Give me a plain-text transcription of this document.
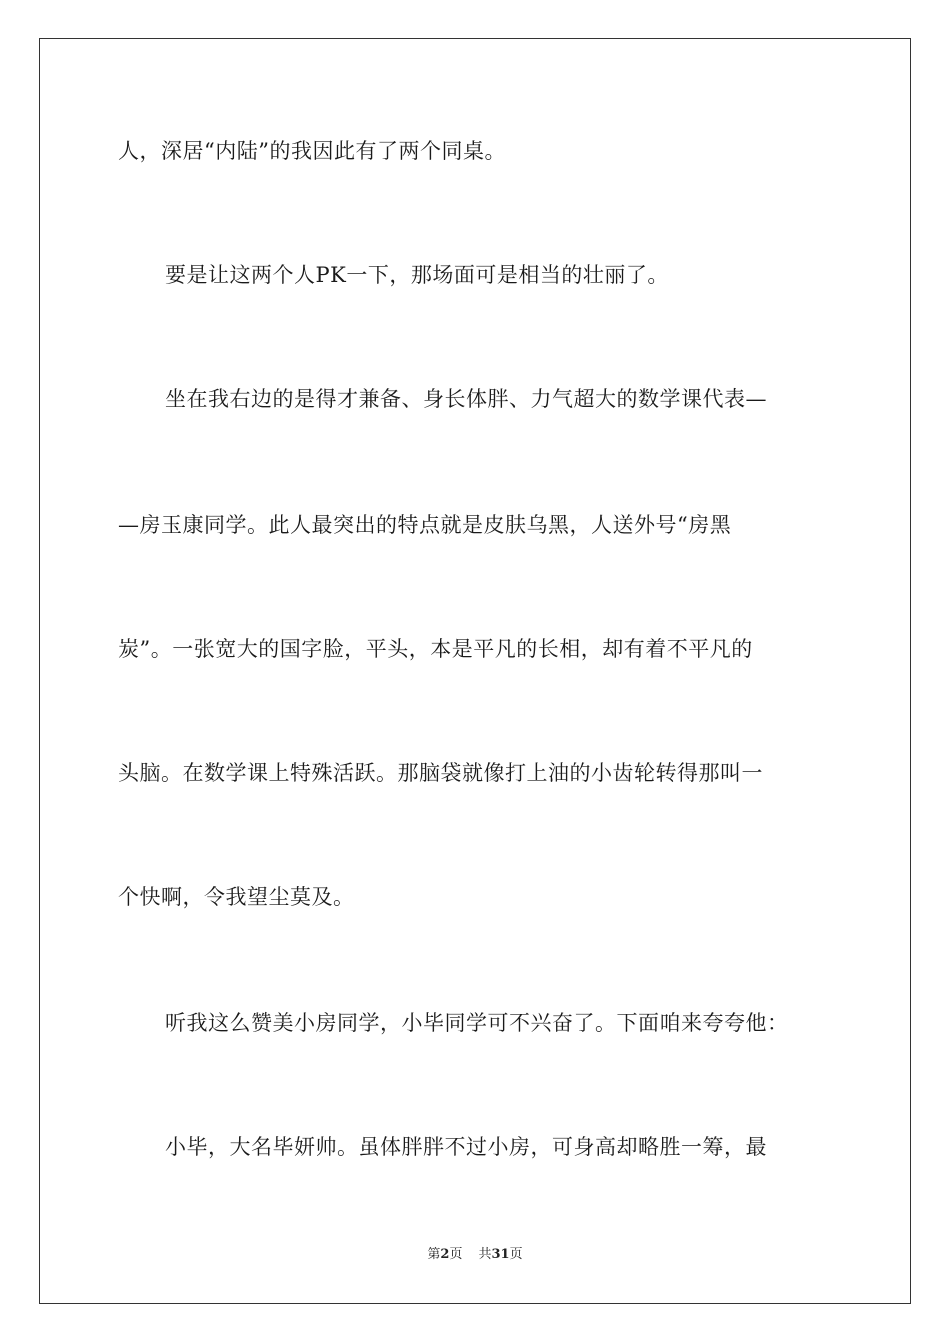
人，深居“内陆”的我因此有了两个同桌。
要是让这两个人PK一下，那场面可是相当的壮丽了。
坐在我右边的是得才兼备、身长体胖、力气超大的数学课代表—
—房玉康同学。此人最突出的特点就是皮肤乌黑，人送外号“房黑
炭”。一张宽大的国字脸，平头，本是平凡的长相，却有着不平凡的
头脑。在数学课上特殊活跃。那脑袋就像打上油的小齿轮转得那叫一
个快啊，令我望尘莫及。
听我这么赞美小房同学，小毕同学可不兴奋了。下面咱来夸夸他：
小毕，大名毕妍帅。虽体胖胖不过小房，可身高却略胜一筹，最
第2页 共31页
